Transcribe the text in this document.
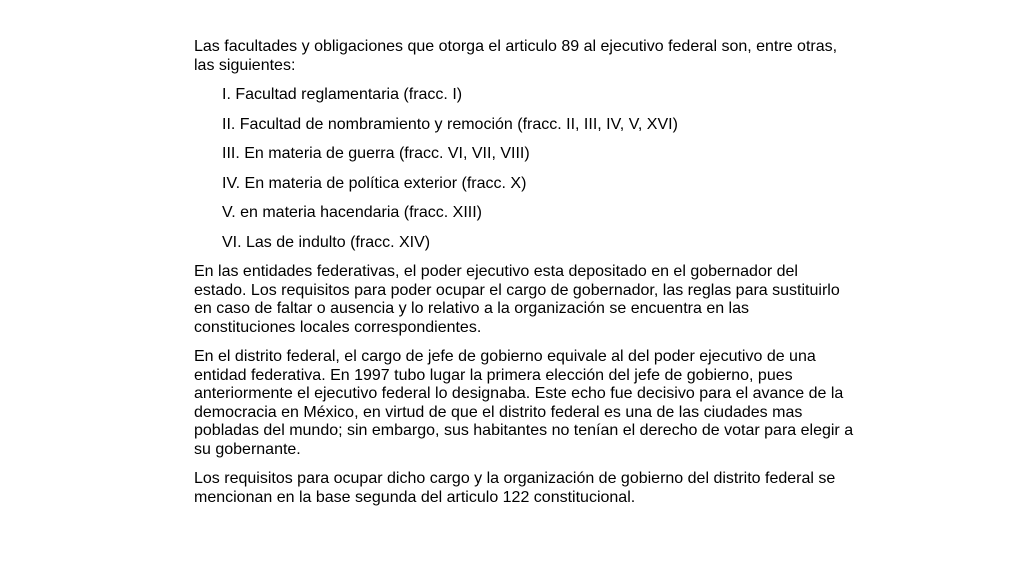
Las facultades y obligaciones que otorga el articulo 89 al ejecutivo federal son, entre otras, las siguientes:

I. Facultad reglamentaria (fracc. I)
II. Facultad de nombramiento y remoción (fracc. II, III, IV, V, XVI)
III. En materia de guerra (fracc. VI, VII, VIII)
IV. En materia de política exterior (fracc. X)
V. en materia hacendaria (fracc. XIII)
VI. Las de indulto (fracc. XIV)

En las entidades federativas, el poder ejecutivo esta depositado en el gobernador del estado. Los requisitos para poder ocupar el cargo de gobernador, las reglas para sustituirlo en caso de faltar o ausencia y lo relativo a la organización se encuentra en las constituciones locales correspondientes.

En el distrito federal, el cargo de jefe de gobierno equivale al del poder ejecutivo de una entidad federativa. En 1997 tubo lugar la primera elección del jefe de gobierno, pues anteriormente el ejecutivo federal lo designaba. Este echo fue decisivo para el avance de la democracia en México, en virtud de que el distrito federal es una de las ciudades mas pobladas del mundo; sin embargo, sus habitantes no tenían el derecho de votar para elegir a su gobernante.

Los requisitos para ocupar dicho cargo y la organización de gobierno del distrito federal se mencionan en la base segunda del articulo 122 constitucional.
